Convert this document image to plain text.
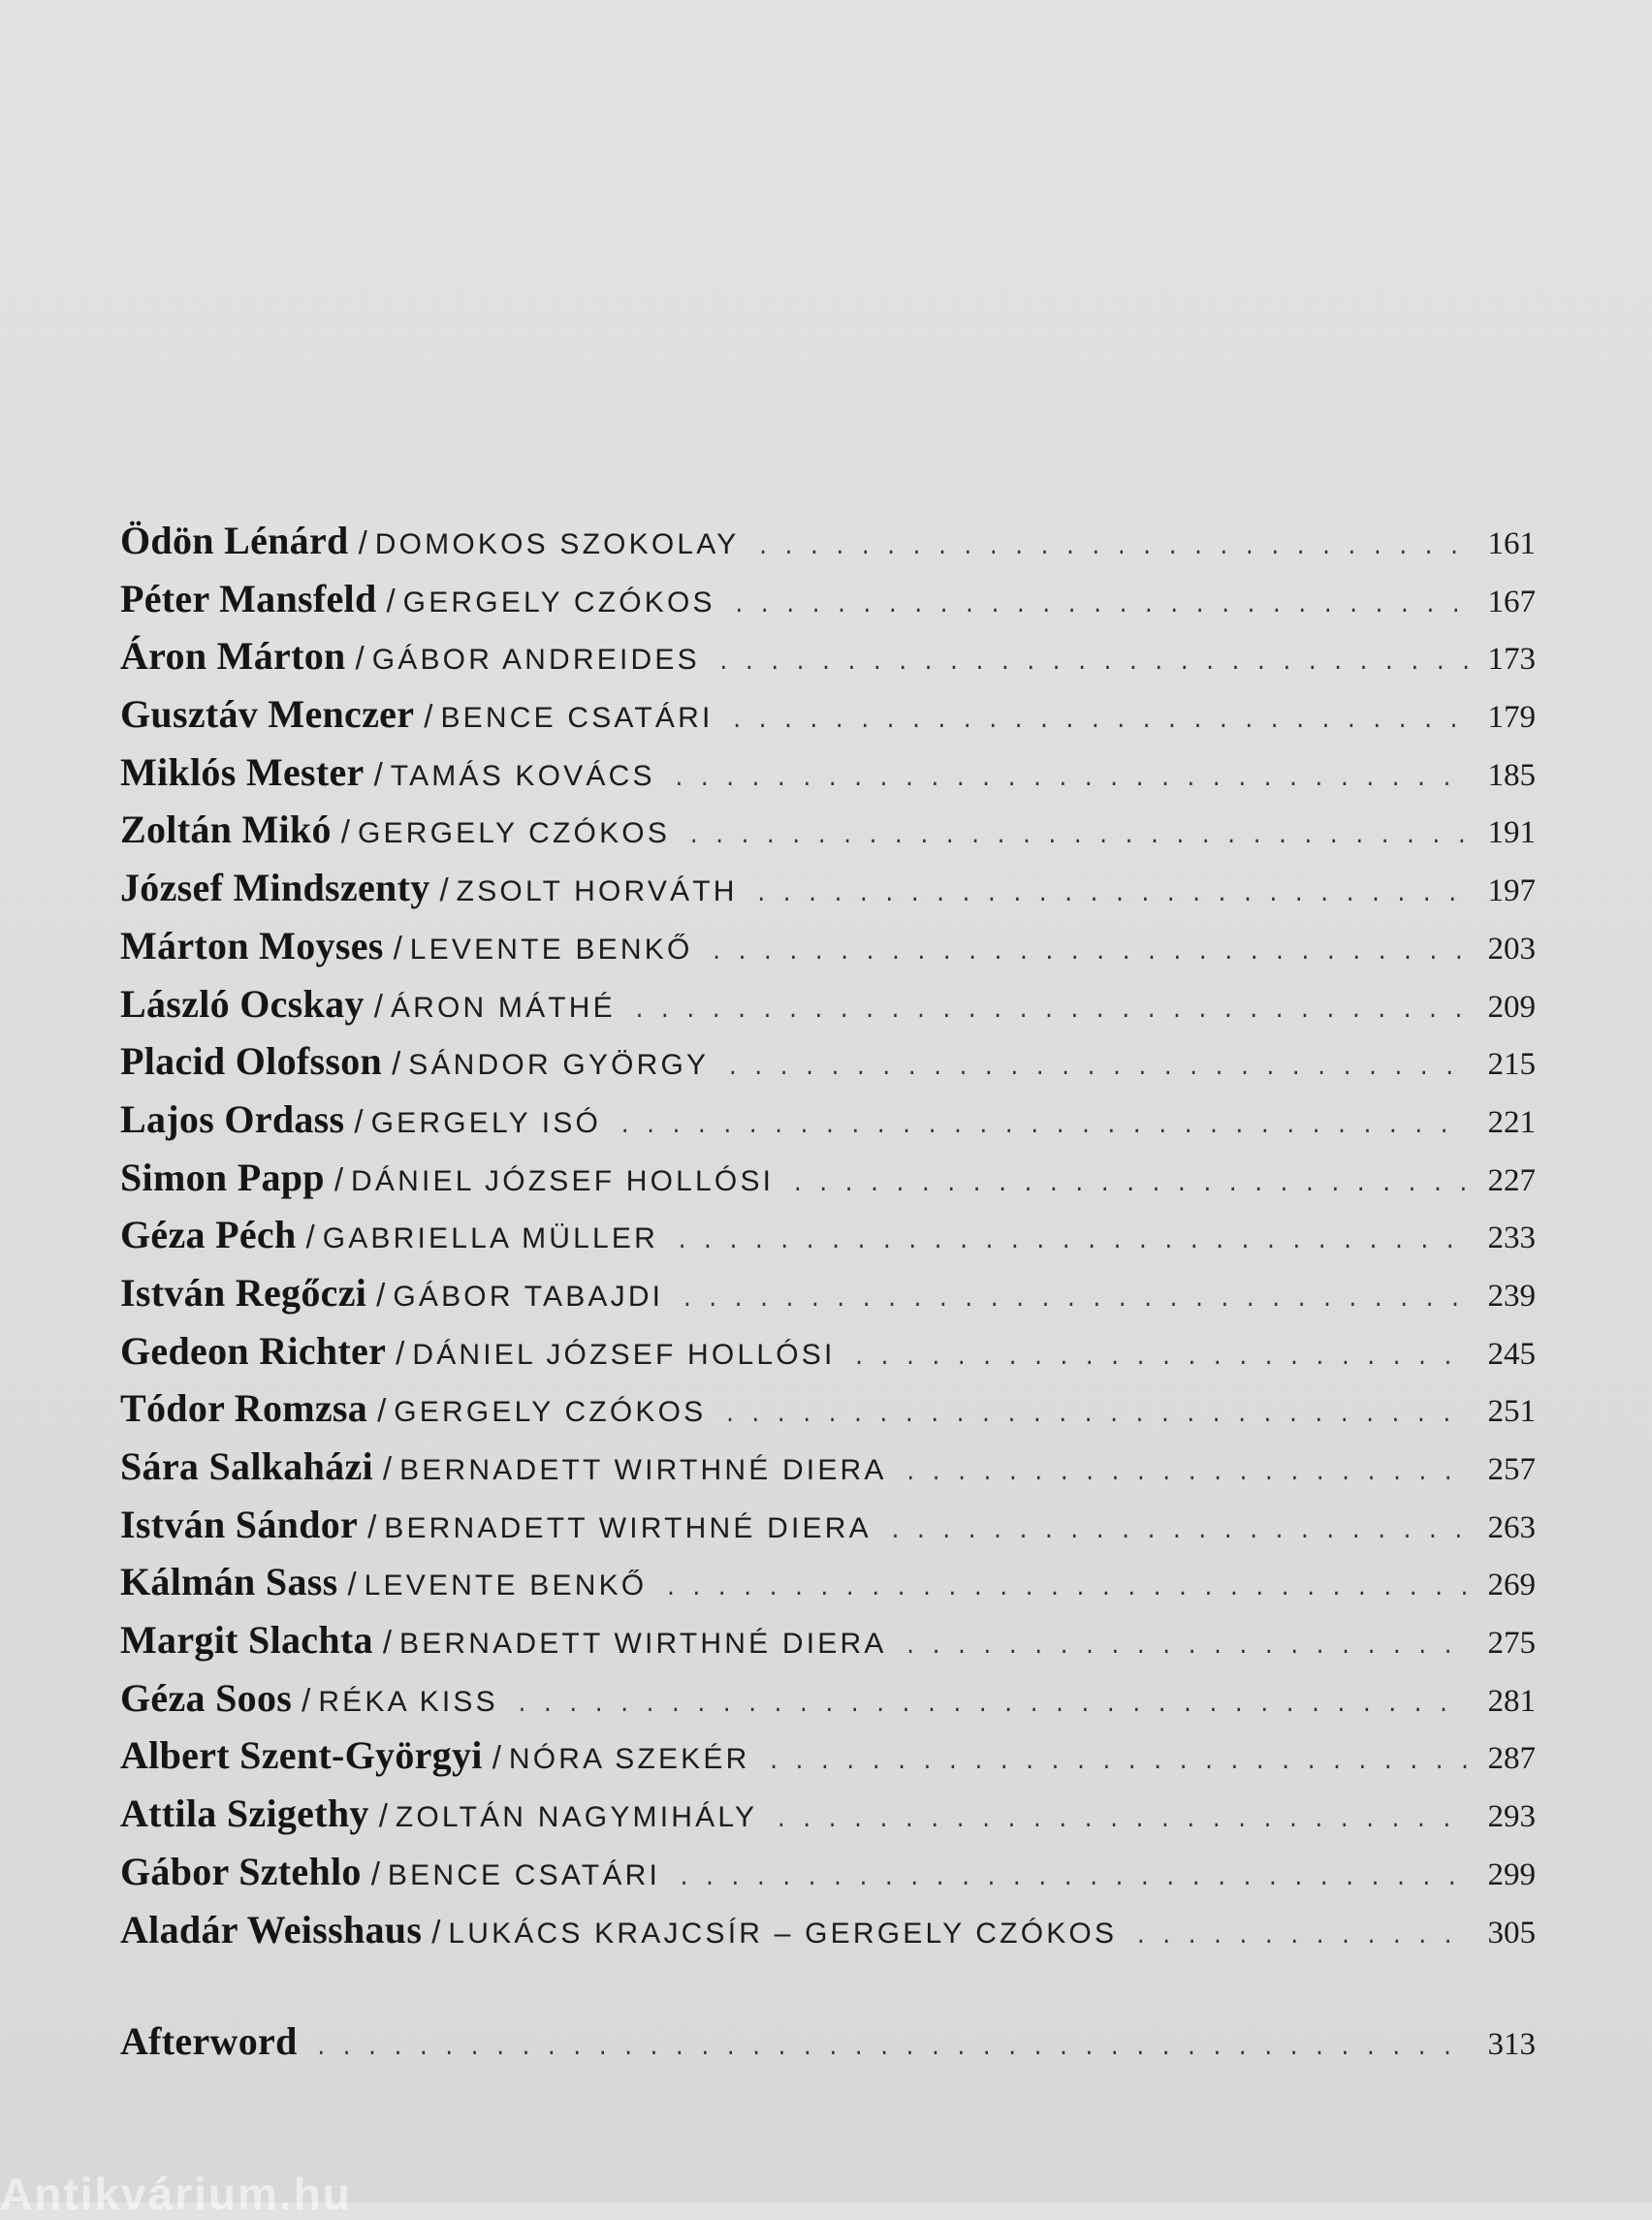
Ödön Lénárd / DOMOKOS SZOKOLAY . . .	161
Péter Mansfeld / GERGELY CZÓKOS . . .	167
Áron Márton / GÁBOR ANDREIDES . . .	173
Gusztáv Menczer / BENCE CSATÁRI . . .	179
Miklós Mester / TAMÁS KOVÁCS . . .	185
Zoltán Mikó / GERGELY CZÓKOS . . .	191
József Mindszenty / ZSOLT HORVÁTH . . .	197
Márton Moyses / LEVENTE BENKŐ . . .	203
László Ocskay / ÁRON MÁTHÉ . . .	209
Placid Olofsson / SÁNDOR GYÖRGY . . .	215
Lajos Ordass / GERGELY ISÓ . . .	221
Simon Papp / DÁNIEL JÓZSEF HOLLÓSI . . .	227
Géza Péch / GABRIELLA MÜLLER . . .	233
István Regőczi / GÁBOR TABAJDI . . .	239
Gedeon Richter / DÁNIEL JÓZSEF HOLLÓSI . . .	245
Tódor Romzsa / GERGELY CZÓKOS . . .	251
Sára Salkaházi / BERNADETT WIRTHNÉ DIERA . . .	257
István Sándor / BERNADETT WIRTHNÉ DIERA . . .	263
Kálmán Sass / LEVENTE BENKŐ . . .	269
Margit Slachta / BERNADETT WIRTHNÉ DIERA . . .	275
Géza Soos / RÉKA KISS . . .	281
Albert Szent-Györgyi / NÓRA SZEKÉR . . .	287
Attila Szigethy / ZOLTÁN NAGYMIHÁLY . . .	293
Gábor Sztehlo / BENCE CSATÁRI . . .	299
Aladár Weisshaus / LUKÁCS KRAJCSÍR – GERGELY CZÓKOS . . .	305
Afterword . . .	313
Antikvárium.hu
